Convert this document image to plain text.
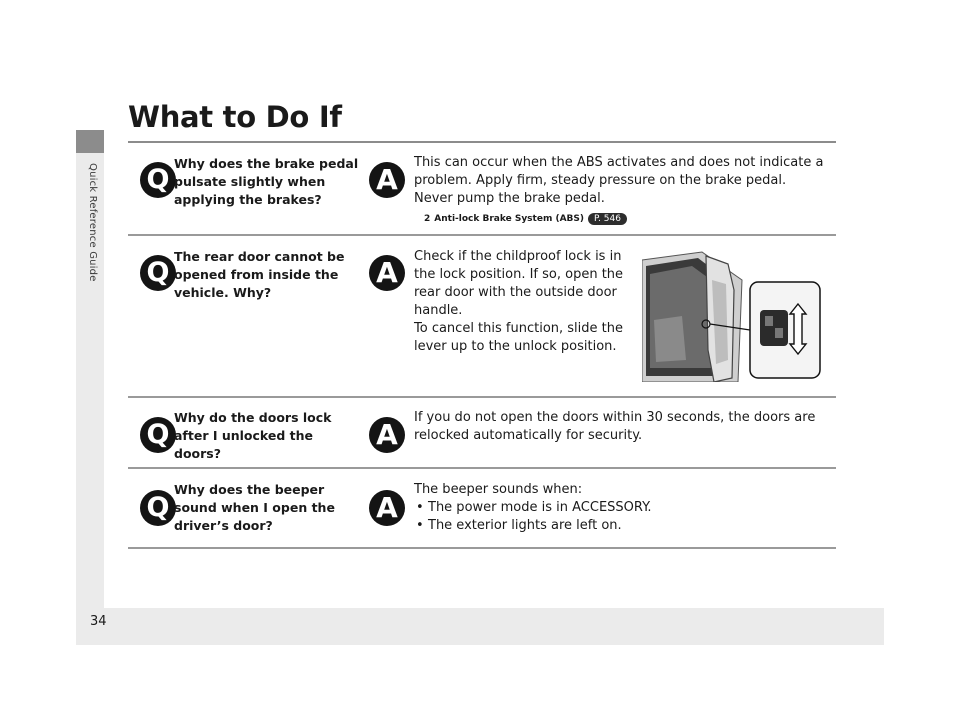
Quick Reference Guide
34
What to Do If
Q Why does the brake pedal pulsate slightly when applying the brakes?
A

This can occur when the ABS activates and does not indicate a problem. Apply firm, steady pressure on the brake pedal. Never pump the brake pedal.

2 Anti-lock Brake System (ABS)	P. 546
Q The rear door cannot be opened from inside the vehicle. Why?
A	Check if the childproof lock is in

the lock position. If so, open the

rear door with the outside door

handle.

To cancel this function, slide the

lever up to the unlock position.

Q
Why do the doors lock after I unlocked the doors?
A
If you do not open the doors within 30 seconds, the doors are relocked automatically for security.
Q
Why does the beeper sound when I open the driver’s door?
A

The beeper sounds when:

• The power mode is in ACCESSORY.
• The exterior lights are left on.
